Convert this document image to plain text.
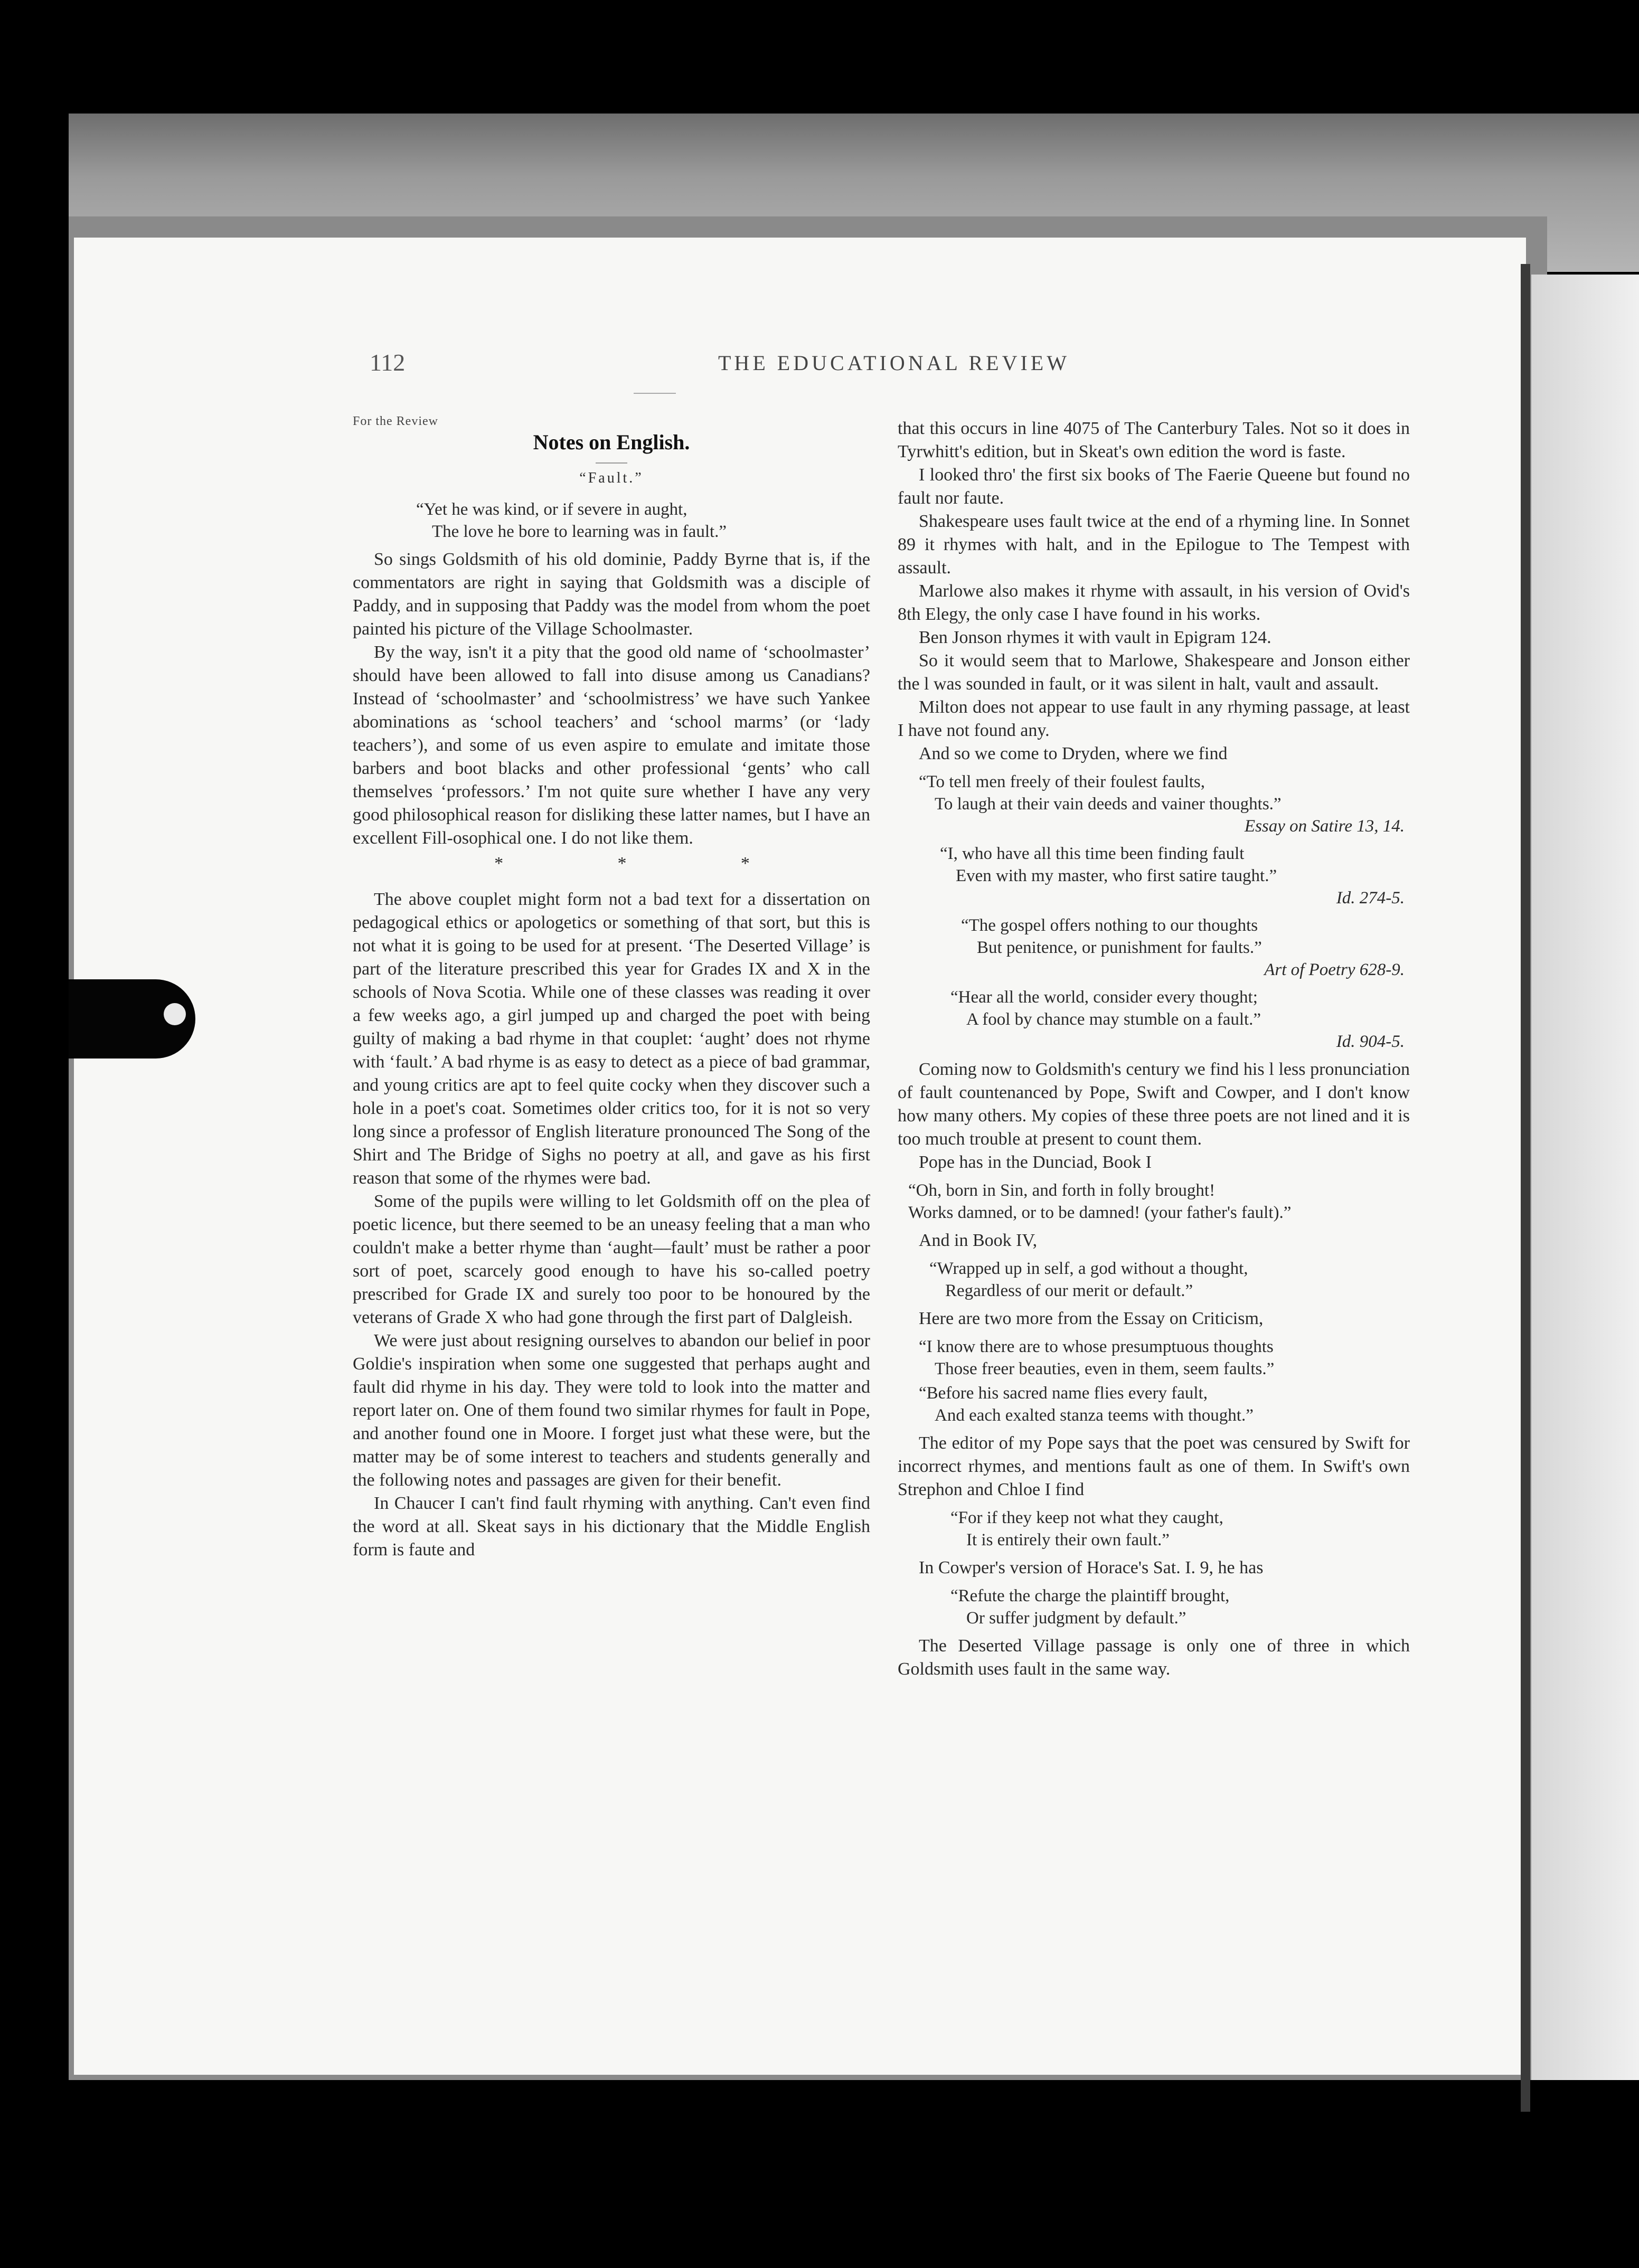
112	THE EDUCATIONAL REVIEW
For the Review
Notes on English.
“Fault.”
“Yet he was kind, or if severe in aught,
The love he bore to learning was in fault.”

So sings Goldsmith of his old dominie, Paddy Byrne that is, if the commentators are right in saying that Goldsmith was a disciple of Paddy, and in supposing that Paddy was the model from whom the poet painted his picture of the Village Schoolmaster.

By the way, isn't it a pity that the good old name of ‘schoolmaster’ should have been allowed to fall into disuse among us Canadians? Instead of ‘schoolmaster’ and ‘schoolmistress’ we have such Yankee abominations as ‘school teachers’ and ‘school marms’ (or ‘lady teachers’), and some of us even aspire to emulate and imitate those barbers and boot blacks and other professional ‘gents’ who call themselves ‘professors.’ I'm not quite sure whether I have any very good philosophical reason for disliking these latter names, but I have an excellent Fill-osophical one. I do not like them.

*	*	*

The above couplet might form not a bad text for a dissertation on pedagogical ethics or apologetics or something of that sort, but this is not what it is going to be used for at present. ‘The Deserted Village’ is part of the literature prescribed this year for Grades IX and X in the schools of Nova Scotia. While one of these classes was reading it over a few weeks ago, a girl jumped up and charged the poet with being guilty of making a bad rhyme in that couplet: ‘aught’ does not rhyme with ‘fault.’ A bad rhyme is as easy to detect as a piece of bad grammar, and young critics are apt to feel quite cocky when they discover such a hole in a poet's coat. Sometimes older critics too, for it is not so very long since a professor of English literature pronounced The Song of the Shirt and The Bridge of Sighs no poetry at all, and gave as his first reason that some of the rhymes were bad.

Some of the pupils were willing to let Goldsmith off on the plea of poetic licence, but there seemed to be an uneasy feeling that a man who couldn't make a better rhyme than ‘aught—fault’ must be rather a poor sort of poet, scarcely good enough to have his so-called poetry prescribed for Grade IX and surely too poor to be honoured by the veterans of Grade X who had gone through the first part of Dalgleish.

We were just about resigning ourselves to abandon our belief in poor Goldie's inspiration when some one suggested that perhaps aught and fault did rhyme in his day. They were told to look into the matter and report later on. One of them found two similar rhymes for fault in Pope, and another found one in Moore. I forget just what these were, but the matter may be of some interest to teachers and students generally and the following notes and passages are given for their benefit.

In Chaucer I can't find fault rhyming with anything. Can't even find the word at all. Skeat says in his dictionary that the Middle English form is faute and

that this occurs in line 4075 of The Canterbury Tales. Not so it does in Tyrwhitt's edition, but in Skeat's own edition the word is faste.

I looked thro' the first six books of The Faerie Queene but found no fault nor faute.

Shakespeare uses fault twice at the end of a rhyming line. In Sonnet 89 it rhymes with halt, and in the Epilogue to The Tempest with assault.

Marlowe also makes it rhyme with assault, in his version of Ovid's 8th Elegy, the only case I have found in his works.

Ben Jonson rhymes it with vault in Epigram 124.

So it would seem that to Marlowe, Shakespeare and Jonson either the l was sounded in fault, or it was silent in halt, vault and assault.

Milton does not appear to use fault in any rhyming passage, at least I have not found any.

And so we come to Dryden, where we find

“To tell men freely of their foulest faults,
To laugh at their vain deeds and vainer thoughts.”
Essay on Satire 13, 14.
“I, who have all this time been finding fault
Even with my master, who first satire taught.”
Id. 274-5.
“The gospel offers nothing to our thoughts
But penitence, or punishment for faults.”
Art of Poetry 628-9.
“Hear all the world, consider every thought;
A fool by chance may stumble on a fault.”
Id. 904-5.

Coming now to Goldsmith's century we find his l less pronunciation of fault countenanced by Pope, Swift and Cowper, and I don't know how many others. My copies of these three poets are not lined and it is too much trouble at present to count them.

Pope has in the Dunciad, Book I

“Oh, born in Sin, and forth in folly brought!
Works damned, or to be damned! (your father's fault).”

And in Book IV,

“Wrapped up in self, a god without a thought,
Regardless of our merit or default.”

Here are two more from the Essay on Criticism,

“I know there are to whose presumptuous thoughts
Those freer beauties, even in them, seem faults.”
“Before his sacred name flies every fault,
And each exalted stanza teems with thought.”

The editor of my Pope says that the poet was censured by Swift for incorrect rhymes, and mentions fault as one of them. In Swift's own Strephon and Chloe I find

“For if they keep not what they caught,
It is entirely their own fault.”

In Cowper's version of Horace's Sat. I. 9, he has

“Refute the charge the plaintiff brought,
Or suffer judgment by default.”

The Deserted Village passage is only one of three in which Goldsmith uses fault in the same way.
